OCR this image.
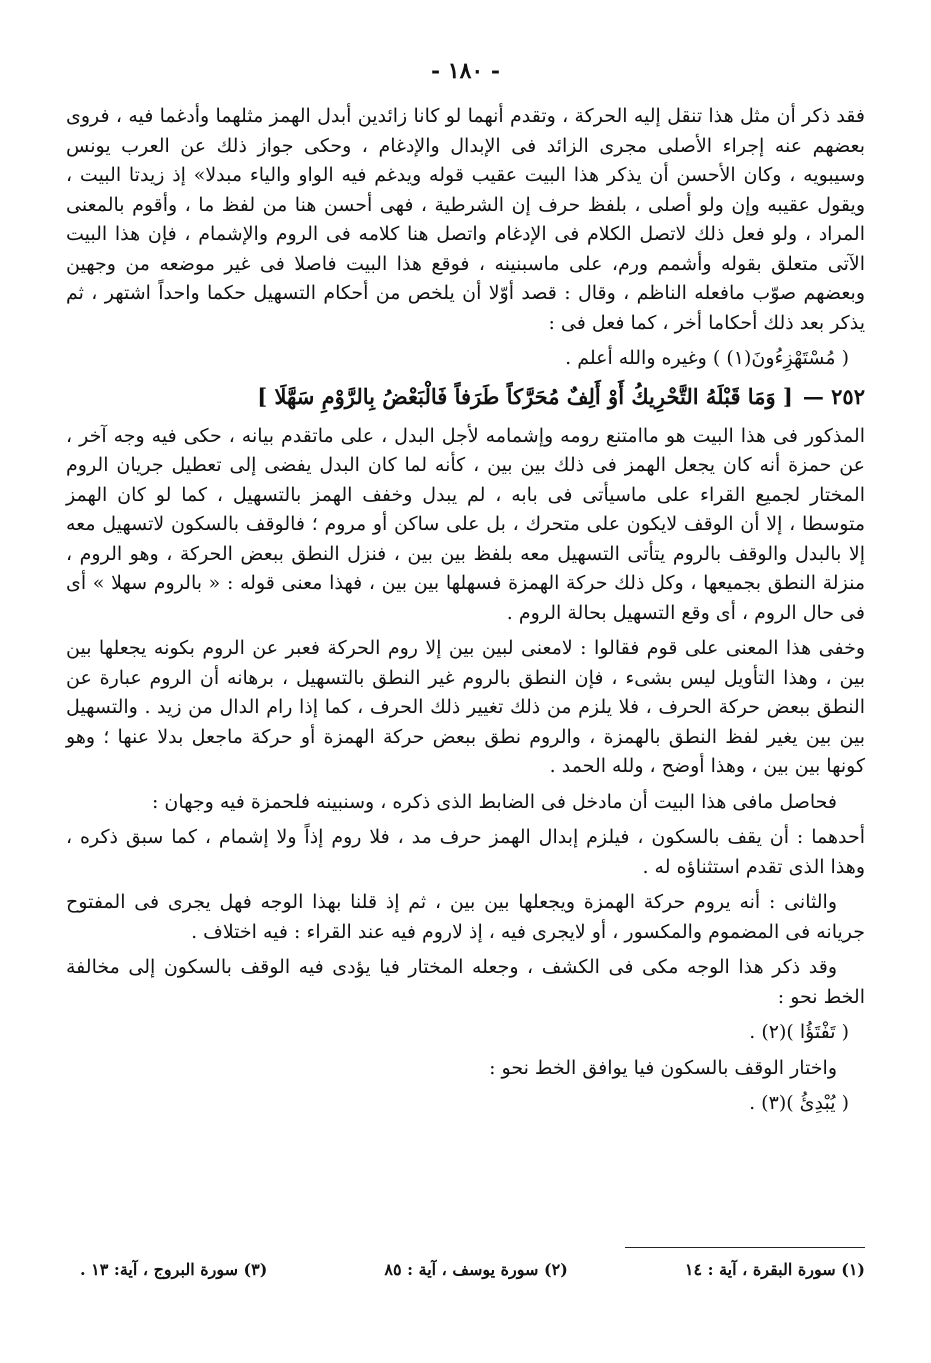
- ١٨٠ -

فقد ذكر أن مثل هذا تنقل إليه الحركة ، وتقدم أنهما لو كانا زائدين أبدل الهمز مثلهما وأدغما فيه ، فروى بعضهم عنه إجراء الأصلى مجرى الزائد فى الإبدال والإدغام ، وحكى جواز ذلك عن العرب يونس وسيبويه ، وكان الأحسن أن يذكر هذا البيت عقيب قوله ويدغم فيه الواو والياء مبدلا» إذ زيدتا البيت ، ويقول عقيبه وإن ولو أصلى ، بلفظ حرف إن الشرطية ، فهى أحسن هنا من لفظ ما ، وأقوم بالمعنى المراد ، ولو فعل ذلك لاتصل الكلام فى الإدغام واتصل هنا كلامه فى الروم والإشمام ، فإن هذا البيت الآتى متعلق بقوله وأشمم ورم، على ماسبنينه ، فوقع هذا البيت فاصلا فى غير موضعه من وجهين وبعضهم صوّب مافعله الناظم ، وقال : قصد أوّلا أن يلخص من أحكام التسهيل حكما واحداً اشتهر ، ثم يذكر بعد ذلك أحكاما أخر ، كما فعل فى :

( مُسْتَهْزِءُونَ(١) ) وغيره والله أعلم .

٢٥٢ —
[ وَمَا قَبْلَهُ التَّحْرِيكُ أَوْ أَلِفٌ مُحَرَّكاً طَرَفاً فَالْبَعْضُ بِالرَّوْمِ سَهَّلَا ]

المذكور فى هذا البيت هو ماامتنع رومه وإشمامه لأجل البدل ، على ماتقدم بيانه ، حكى فيه وجه آخر ، عن حمزة أنه كان يجعل الهمز فى ذلك بين بين ، كأنه لما كان البدل يفضى إلى تعطيل جريان الروم المختار لجميع القراء على ماسيأتى فى بابه ، لم يبدل وخفف الهمز بالتسهيل ، كما لو كان الهمز متوسطا ، إلا أن الوقف لايكون على متحرك ، بل على ساكن أو مروم ؛ فالوقف بالسكون لاتسهيل معه إلا بالبدل والوقف بالروم يتأتى التسهيل معه بلفظ بين بين ، فنزل النطق ببعض الحركة ، وهو الروم ، منزلة النطق بجميعها ، وكل ذلك حركة الهمزة فسهلها بين بين ، فهذا معنى قوله : « بالروم سهلا » أى فى حال الروم ، أى وقع التسهيل بحالة الروم .

وخفى هذا المعنى على قوم فقالوا : لامعنى لبين بين إلا روم الحركة فعبر عن الروم بكونه يجعلها بين بين ، وهذا التأويل ليس بشىء ، فإن النطق بالروم غير النطق بالتسهيل ، برهانه أن الروم عبارة عن النطق ببعض حركة الحرف ، فلا يلزم من ذلك تغيير ذلك الحرف ، كما إذا رام الدال من زيد . والتسهيل بين بين يغير لفظ النطق بالهمزة ، والروم نطق ببعض حركة الهمزة أو حركة ماجعل بدلا عنها ؛ وهو كونها بين بين ، وهذا أوضح ، ولله الحمد .

فحاصل مافى هذا البيت أن مادخل فى الضابط الذى ذكره ، وسنبينه فلحمزة فيه وجهان :

أحدهما : أن يقف بالسكون ، فيلزم إبدال الهمز حرف مد ، فلا روم إذاً ولا إشمام ، كما سبق ذكره ، وهذا الذى تقدم استثناؤه له .

والثانى : أنه يروم حركة الهمزة ويجعلها بين بين ، ثم إذ قلنا بهذا الوجه فهل يجرى فى المفتوح جريانه فى المضموم والمكسور ، أو لايجرى فيه ، إذ لاروم فيه عند القراء : فيه اختلاف .

وقد ذكر هذا الوجه مكى فى الكشف ، وجعله المختار فيا يؤدى فيه الوقف بالسكون إلى مخالفة الخط نحو :

( تَفْتَؤُا )(٢) .

واختار الوقف بالسكون فيا يوافق الخط نحو :

( يُبْدِئُ )(٣) .

(١) سورة البقرة ، آية : ١٤
(٢) سورة يوسف ، آية : ٨٥
(٣) سورة البروج ، آية: ١٣ .
